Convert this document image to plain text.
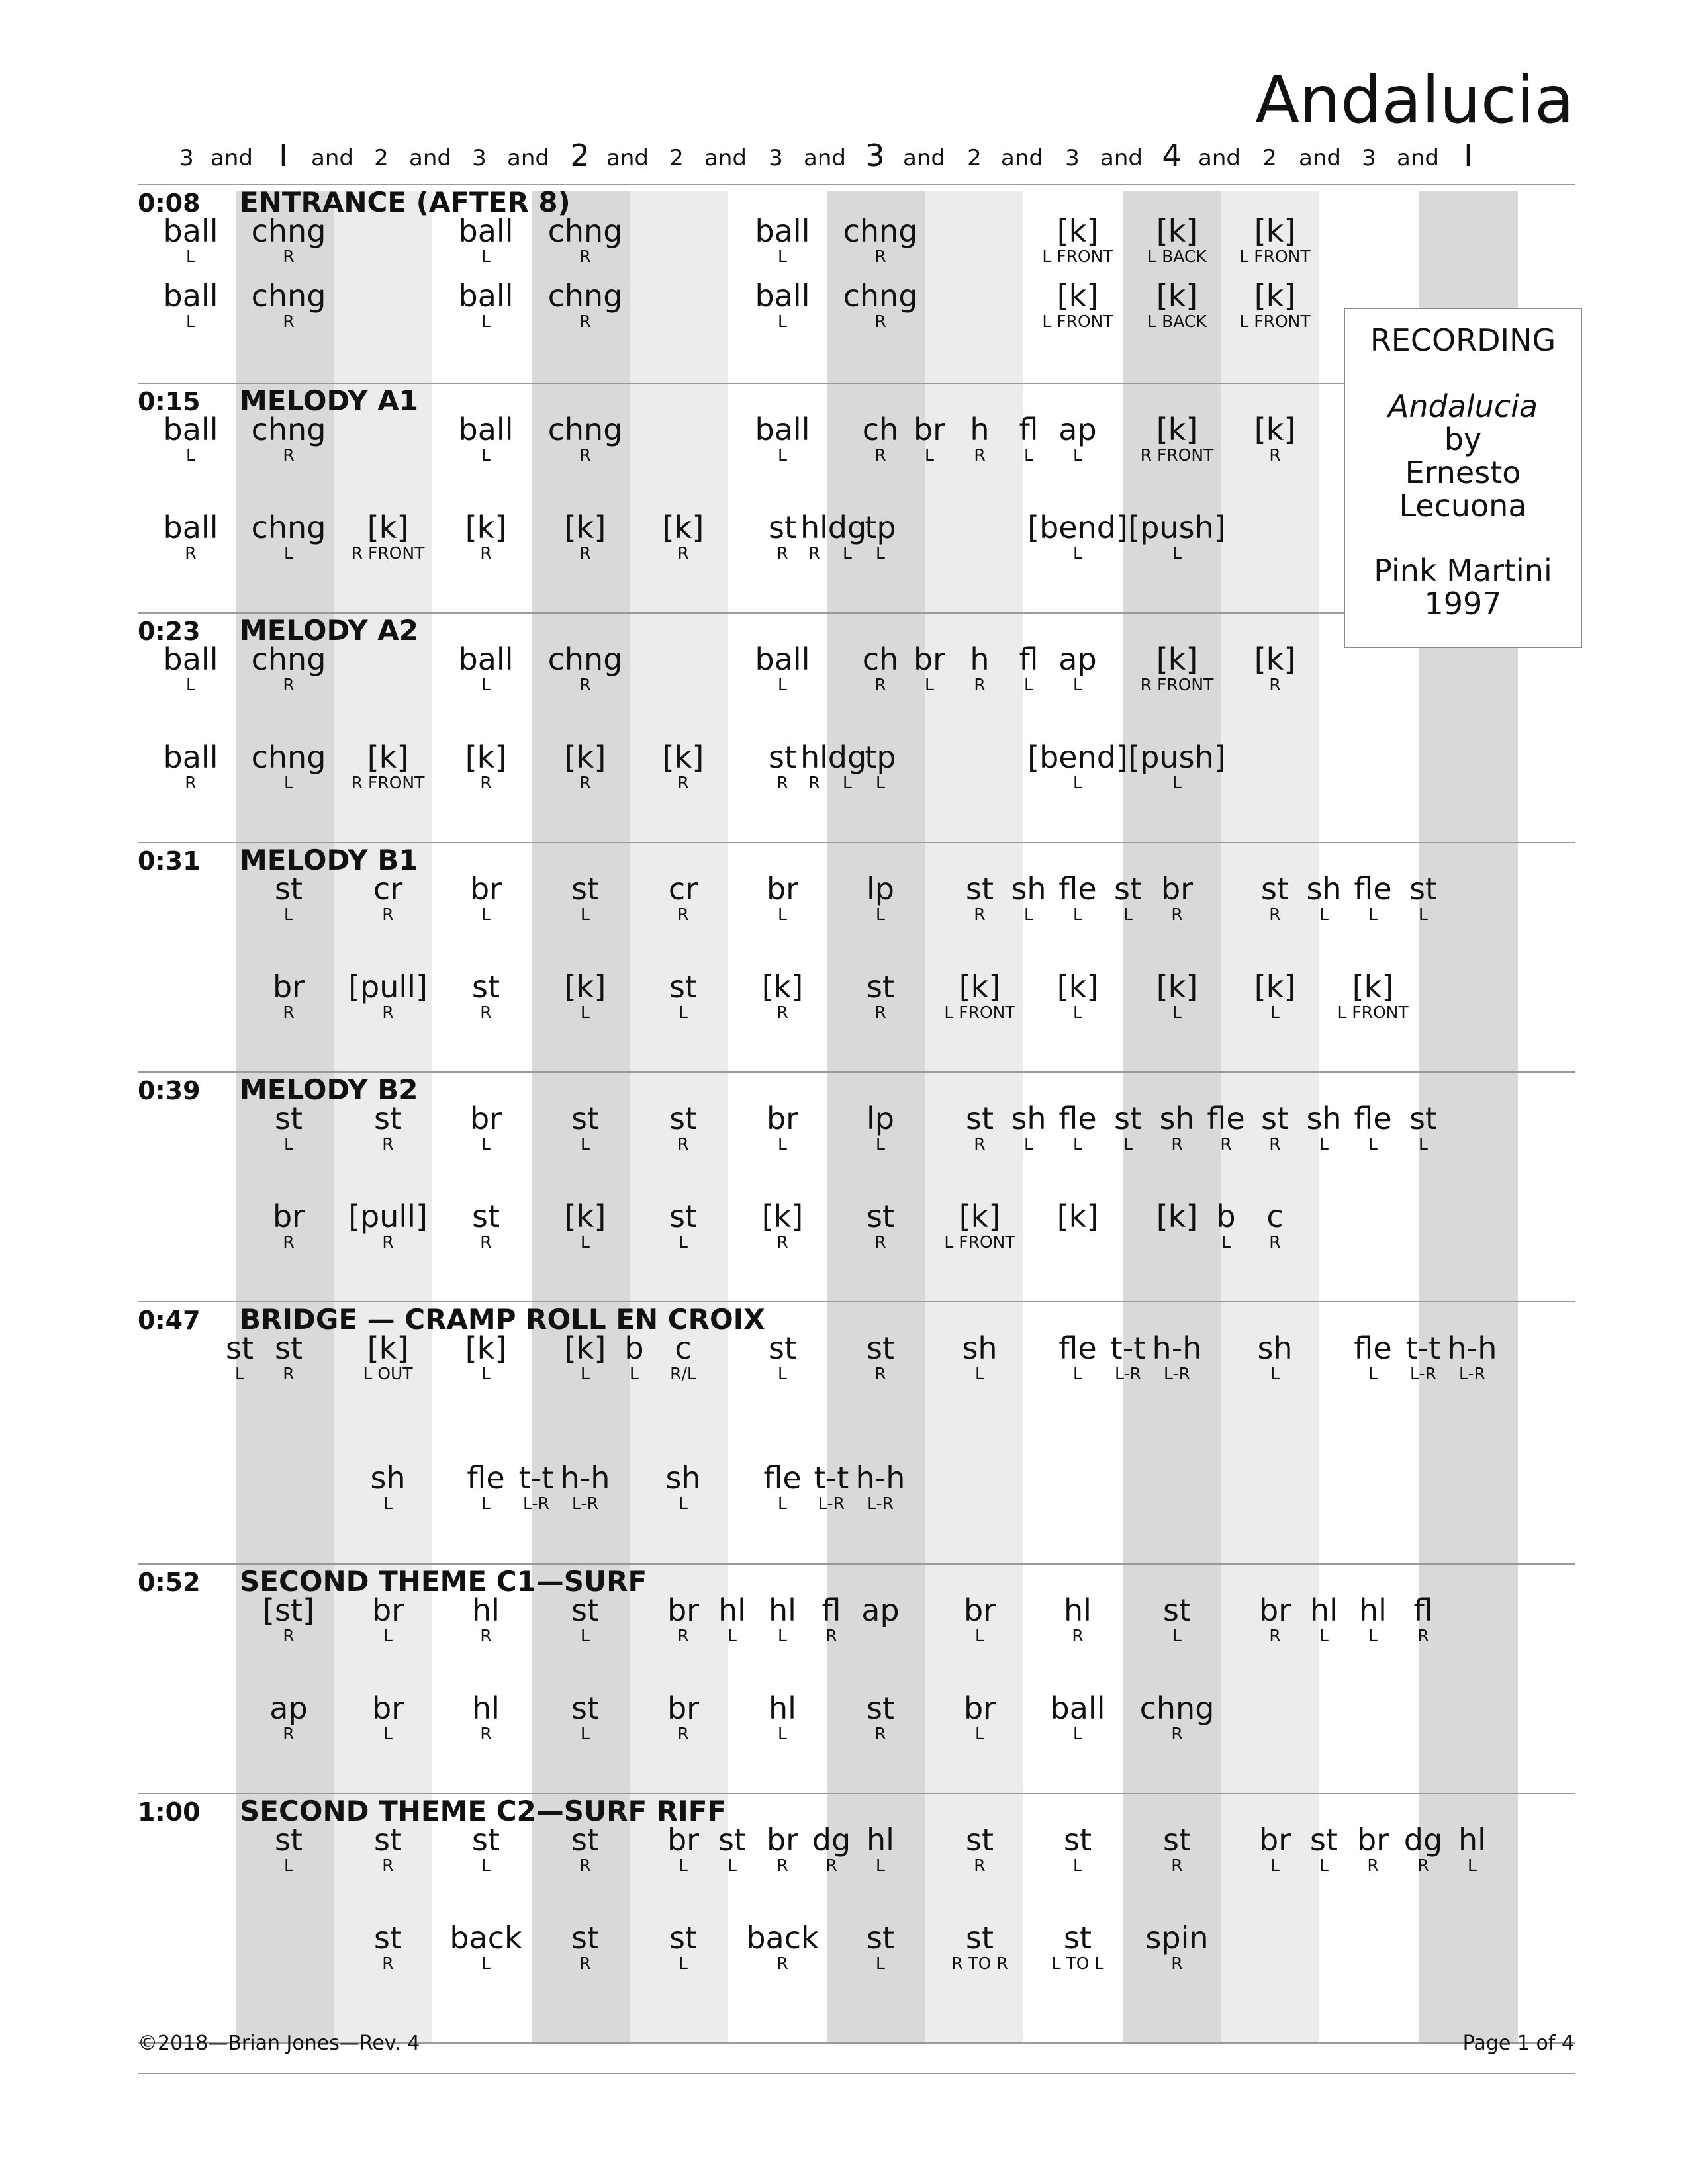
Andalucia
3 and I and 2 and 3 and 2 and 2 and 3 and 3 and 2 and 3 and 4 and 2 and 3 and I
0:08 ENTRANCE (AFTER 8)
ball
L
chng
R
ball
L
chng
R
ball
L
chng
R
[k]
L FRONT
[k]
L BACK
[k]
L FRONT
ball
L
chng
R
ball
L
chng
R
ball
L
chng
R
[k]
L FRONT
[k]
L BACK
[k]
L FRONT
0:15 MELODY A1
ball
L
chng
R
ball
L
chng
R
ball
L
ch
R
br
L
h
R
fl
L
ap
L
[k]
R FRONT
[k]
R
ball
R
chng
L
[k]
R FRONT
[k]
R
[k]
R
[k]
R
st
R
hl
R
dg
L
tp
L
[bend]
L
[push]
L
0:23 MELODY A2
ball
L
chng
R
ball
L
chng
R
ball
L
ch
R
br
L
h
R
fl
L
ap
L
[k]
R FRONT
[k]
R
ball
R
chng
L
[k]
R FRONT
[k]
R
[k]
R
[k]
R
st
R
hl
R
dg
L
tp
L
[bend]
L
[push]
L
0:31 MELODY B1
st
L
cr
R
br
L
st
L
cr
R
br
L
lp
L
st
R
sh
L
fle
L
st
L
br
R
st
R
sh
L
fle
L
st
L
br
R
[pull]
R
st
R
[k]
L
st
L
[k]
R
st
R
[k]
L FRONT
[k]
L
[k]
L
[k]
L
[k]
L FRONT
0:39 MELODY B2
st
L
st
R
br
L
st
L
st
R
br
L
lp
L
st
R
sh
L
fle
L
st
L
sh
R
fle
R
st
R
sh
L
fle
L
st
L
br
R
[pull]
R
st
R
[k]
L
st
L
[k]
R
st
R
[k]
L FRONT
[k] [k] b
L
c
R
0:47 BRIDGE — CRAMP ROLL EN CROIX
st
L
st
R
[k]
L OUT
[k]
L
[k]
L
b
L
c
R/L
st
L
st
R
sh
L
fle
L
t-t
L-R
h-h
L-R
sh
L
fle
L
t-t
L-R
h-h
L-R
sh
L
fle
L
t-t
L-R
h-h
L-R
sh
L
fle
L
t-t
L-R
h-h
L-R
0:52 SECOND THEME C1—SURF
[st]
R
br
L
hl
R
st
L
br
R
hl
L
hl
L
fl
R
ap br
L
hl
R
st
L
br
R
hl
L
hl
L
fl
R
ap
R
br
L
hl
R
st
L
br
R
hl
L
st
R
br
L
ball
L
chng
R
1:00 SECOND THEME C2—SURF RIFF
st
L
st
R
st
L
st
R
br
L
st
L
br
R
dg
R
hl
L
st
R
st
L
st
R
br
L
st
L
br
R
dg
R
hl
L
st
R
back
L
st
R
st
L
back
R
st
L
st
R TO R
st
L TO L
spin
R
RECORDING
Andalucia
by
Ernesto
Lecuona
Pink Martini
1997
©2018—Brian Jones—Rev. 4	Page 1 of 4
